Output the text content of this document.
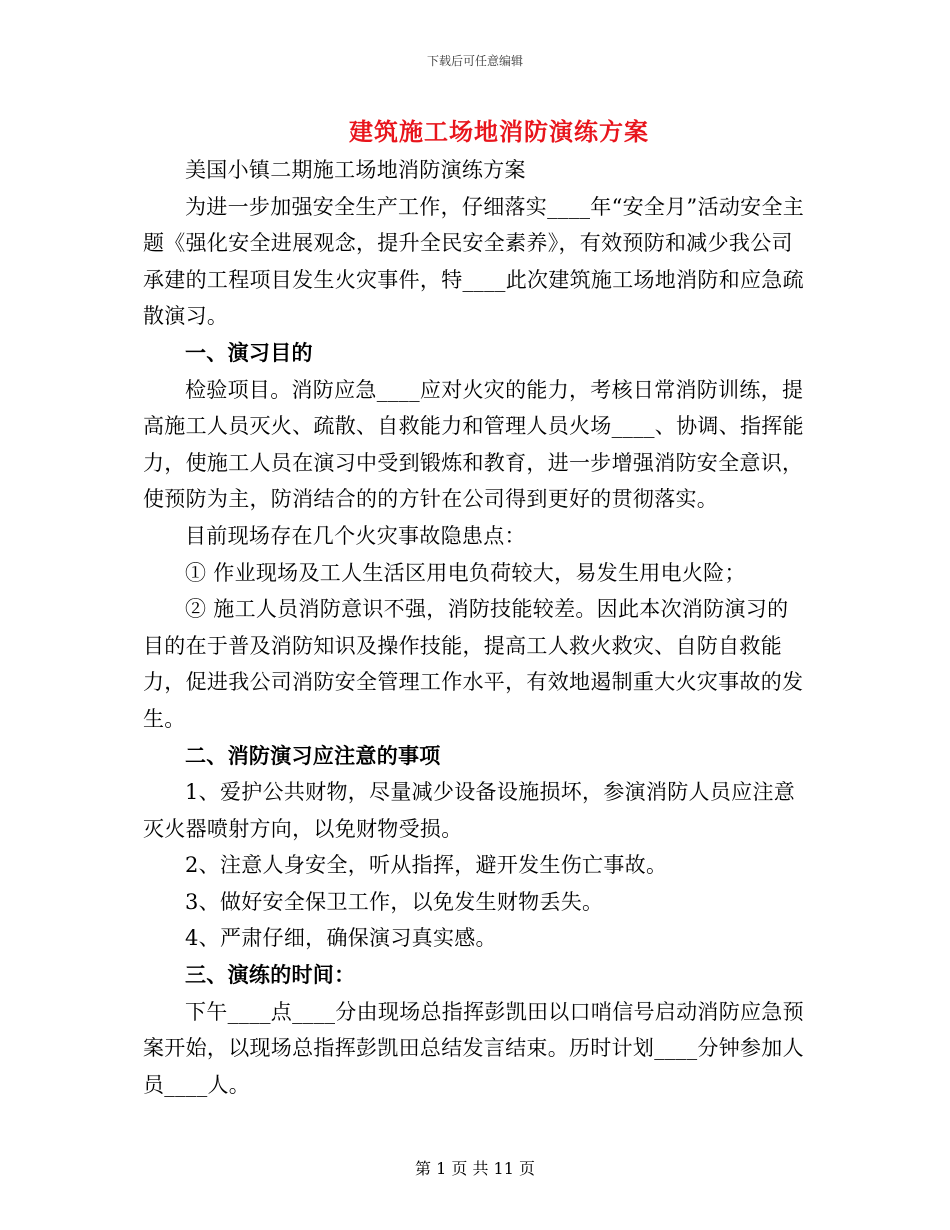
下载后可任意编辑
建筑施工场地消防演练方案

美国小镇二期施工场地消防演练方案

为进一步加强安全生产工作，仔细落实____年“安全月”活动安全主题《强化安全进展观念，提升全民安全素养》，有效预防和减少我公司承建的工程项目发生火灾事件，特____此次建筑施工场地消防和应急疏散演习。

一、演习目的

检验项目。消防应急____应对火灾的能力，考核日常消防训练，提高施工人员灭火、疏散、自救能力和管理人员火场____、协调、指挥能力，使施工人员在演习中受到锻炼和教育，进一步增强消防安全意识，使预防为主，防消结合的的方针在公司得到更好的贯彻落实。

目前现场存在几个火灾事故隐患点：

① 作业现场及工人生活区用电负荷较大，易发生用电火险；

② 施工人员消防意识不强，消防技能较差。因此本次消防演习的目的在于普及消防知识及操作技能，提高工人救火救灾、自防自救能力，促进我公司消防安全管理工作水平，有效地遏制重大火灾事故的发生。

二、消防演习应注意的事项

1、爱护公共财物，尽量减少设备设施损坏，参演消防人员应注意灭火器喷射方向，以免财物受损。

2、注意人身安全，听从指挥，避开发生伤亡事故。

3、做好安全保卫工作，以免发生财物丢失。

4、严肃仔细，确保演习真实感。

三、演练的时间：

下午____点____分由现场总指挥彭凯田以口哨信号启动消防应急预案开始，以现场总指挥彭凯田总结发言结束。历时计划____分钟参加人员____人。

第 1 页 共 11 页
